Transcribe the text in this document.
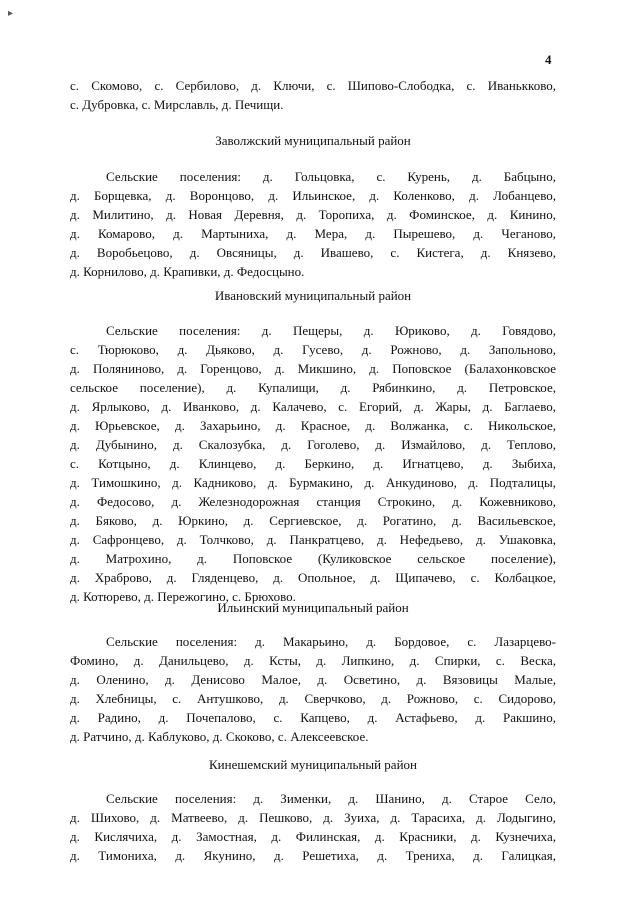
▸
4
с. Скомово, с. Сербилово, д. Ключи, с. Шипово-Слободка, с. Иванькково,
с. Дубровка, с. Мирславль, д. Печищи.
Заволжский муниципальный район
Сельские поселения: д. Гольцовка, с. Курень, д. Бабцыно,
д. Борщевка, д. Воронцово, д. Ильинское, д. Коленково, д. Лобанцево,
д. Милитино, д. Новая Деревня, д. Торопиха, д. Фоминское, д. Кинино,
д. Комарово, д. Мартыниха, д. Мера, д. Пырешево, д. Чеганово,
д. Воробьецово, д. Овсяницы, д. Ивашево, с. Кистега, д. Князево,
д. Корнилово, д. Крапивки, д. Федосцыно.
Ивановский муниципальный район
Сельские поселения: д. Пещеры, д. Юриково, д. Говядово,
с. Тюрюково, д. Дьяково, д. Гусево, д. Рожново, д. Запольново,
д. Поляниново, д. Горенцово, д. Микшино, д. Поповское (Балахонковское
сельское поселение), д. Купалищи, д. Рябинкино, д. Петровское,
д. Ярлыково, д. Иванково, д. Калачево, с. Егорий, д. Жары, д. Баглаево,
д. Юрьевское, д. Захарьино, д. Красное, д. Волжанка, с. Никольское,
д. Дубынино, д. Скалозубка, д. Гоголево, д. Измайлово, д. Теплово,
с. Котцыно, д. Клинцево, д. Беркино, д. Игнатцево, д. Зыбиха,
д. Тимошкино, д. Кадниково, д. Бурмакино, д. Анкудиново, д. Подталицы,
д. Федосово, д. Железнодорожная станция Строкино, д. Кожевниково,
д. Бяково, д. Юркино, д. Сергиевское, д. Рогатино, д. Васильевское,
д. Сафронцево, д. Толчково, д. Панкратцево, д. Нефедьево, д. Ушаковка,
д. Матрохино, д. Поповское (Куликовское сельское поселение),
д. Храброво, д. Гляденцево, д. Опольное, д. Щипачево, с. Колбацкое,
д. Котюрево, д. Пережогино, с. Брюхово.
Ильинский муниципальный район
Сельские поселения: д. Макарьино, д. Бордовое, с. Лазарцево-
Фомино, д. Данильцево, д. Ксты, д. Липкино, д. Спирки, с. Веска,
д. Оленино, д. Денисово Малое, д. Осветино, д. Вязовицы Малые,
д. Хлебницы, с. Антушково, д. Сверчково, д. Рожново, с. Сидорово,
д. Радино, д. Почепалово, с. Капцево, д. Астафьево, д. Ракшино,
д. Ратчино, д. Каблуково, д. Скоково, с. Алексеевское.
Кинешемский муниципальный район
Сельские поселения: д. Зименки, д. Шанино, д. Старое Село,
д. Шихово, д. Матвеево, д. Пешково, д. Зуиха, д. Тарасиха, д. Лодыгино,
д. Кислячиха, д. Замостная, д. Филинская, д. Красники, д. Кузнечиха,
д. Тимониха, д. Якунино, д. Решетиха, д. Трениха, д. Галицкая,
